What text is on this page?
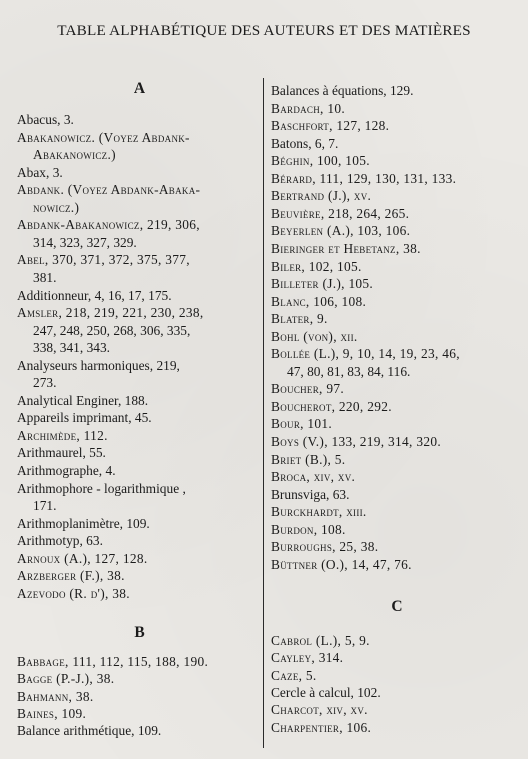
TABLE ALPHABÉTIQUE DES AUTEURS ET DES MATIÈRES
A
Abacus, 3.
Abakanowicz. (Voyez Abdank-
Abakanowicz.)
Abax, 3.
Abdank. (Voyez Abdank-Abaka-
nowicz.)
Abdank-Abakanowicz, 219, 306,
314, 323, 327, 329.
Abel, 370, 371, 372, 375, 377,
381.
Additionneur, 4, 16, 17, 175.
Amsler, 218, 219, 221, 230, 238,
247, 248, 250, 268, 306, 335,
338, 341, 343.
Analyseurs harmoniques, 219,
273.
Analytical Enginer, 188.
Appareils imprimant, 45.
Archimède, 112.
Arithmaurel, 55.
Arithmographe, 4.
Arithmophore - logarithmique ,
171.
Arithmoplanimètre, 109.
Arithmotyp, 63.
Arnoux (A.), 127, 128.
Arzberger (F.), 38.
Azevodo (R. d'), 38.
B
Babbage, 111, 112, 115, 188, 190.
Bagge (P.-J.), 38.
Bahmann, 38.
Baines, 109.
Balance arithmétique, 109.
Balances à équations, 129.
Bardach, 10.
Baschfort, 127, 128.
Batons, 6, 7.
Béghin, 100, 105.
Bérard, 111, 129, 130, 131, 133.
Bertrand (J.), xv.
Beuvière, 218, 264, 265.
Beyerlen (A.), 103, 106.
Bieringer et Hebetanz, 38.
Biler, 102, 105.
Billeter (J.), 105.
Blanc, 106, 108.
Blater, 9.
Bohl (von), xii.
Bollée (L.), 9, 10, 14, 19, 23, 46,
47, 80, 81, 83, 84, 116.
Boucher, 97.
Boucherot, 220, 292.
Bour, 101.
Boys (V.), 133, 219, 314, 320.
Briet (B.), 5.
Broca, xiv, xv.
Brunsviga, 63.
Burckhardt, xiii.
Burdon, 108.
Burroughs, 25, 38.
Büttner (O.), 14, 47, 76.
C
Cabrol (L.), 5, 9.
Cayley, 314.
Caze, 5.
Cercle à calcul, 102.
Charcot, xiv, xv.
Charpentier, 106.
